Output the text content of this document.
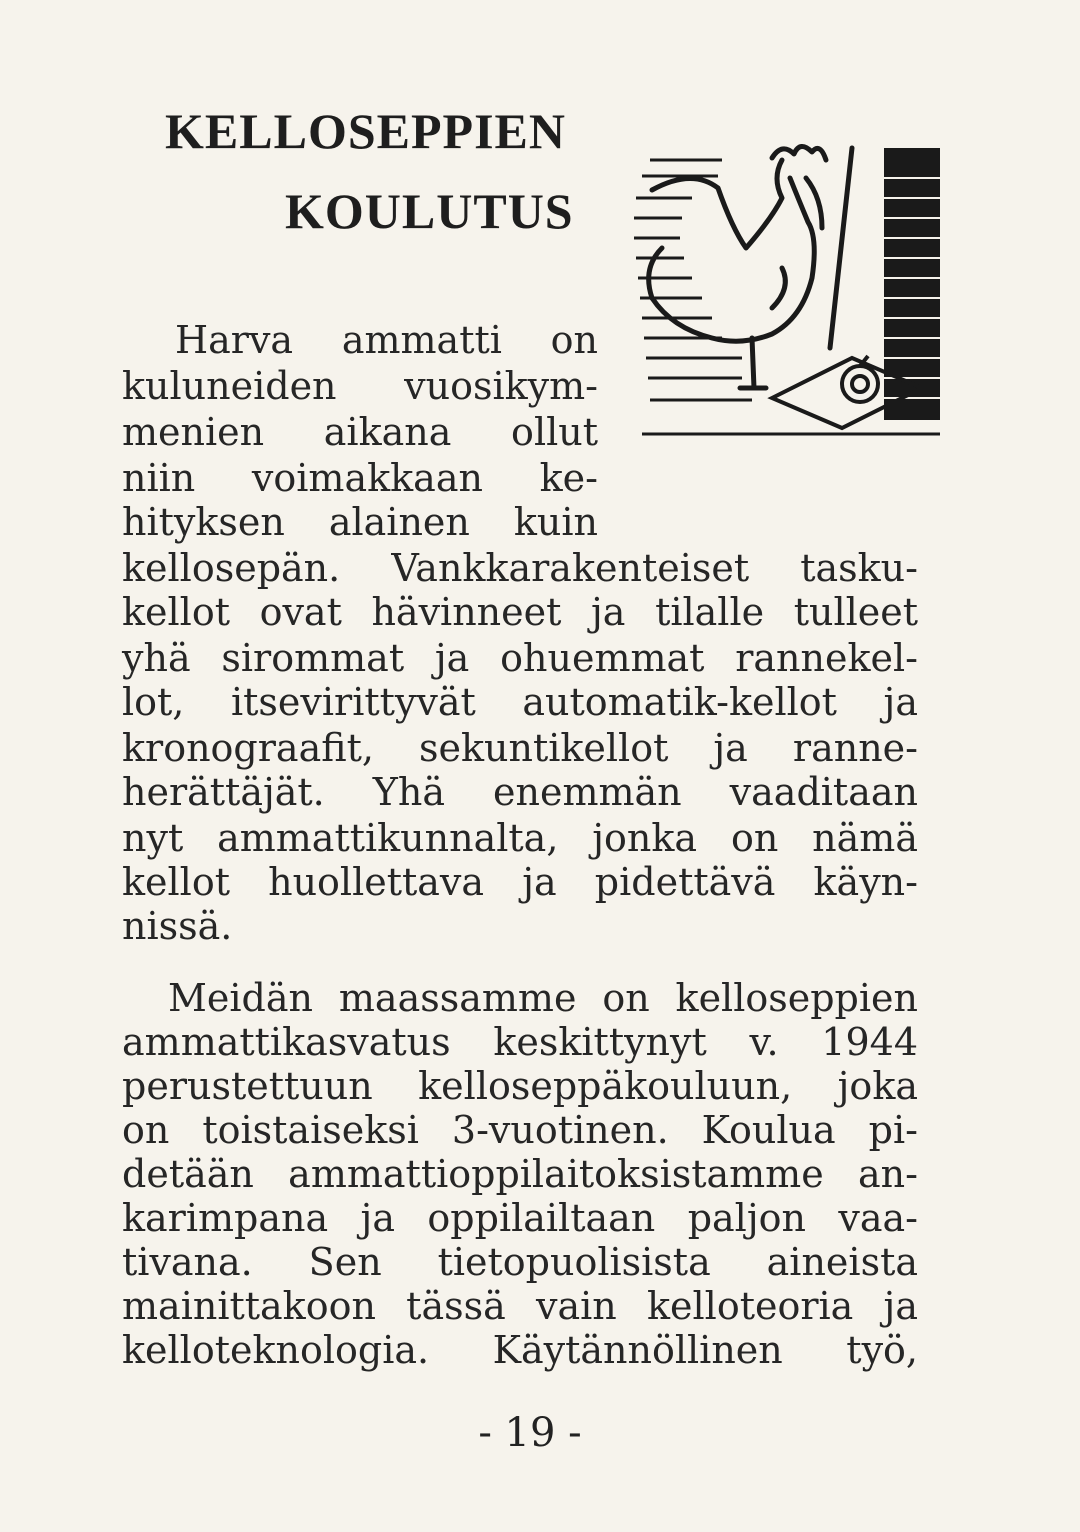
KELLOSEPPIEN
KOULUTUS

Harva ammatti on

kuluneiden vuosikym-

menien aikana ollut

niin voimakkaan ke-

hityksen alainen kuin

kellosepän. Vankkarakenteiset tasku-

kellot ovat hävinneet ja tilalle tulleet

yhä sirommat ja ohuemmat rannekel-

lot, itsevirittyvät automatik-kellot ja

kronograafit, sekuntikellot ja ranne-

herättäjät. Yhä enemmän vaaditaan

nyt ammattikunnalta, jonka on nämä

kellot huollettava ja pidettävä käyn-

nissä.

Meidän maassamme on kelloseppien

ammattikasvatus keskittynyt v. 1944

perustettuun kelloseppäkouluun, joka

on toistaiseksi 3-vuotinen. Koulua pi-

detään ammattioppilaitoksistamme an-

karimpana ja oppilailtaan paljon vaa-

tivana. Sen tietopuolisista aineista

mainittakoon tässä vain kelloteoria ja

kelloteknologia. Käytännöllinen työ,

- 19 -
